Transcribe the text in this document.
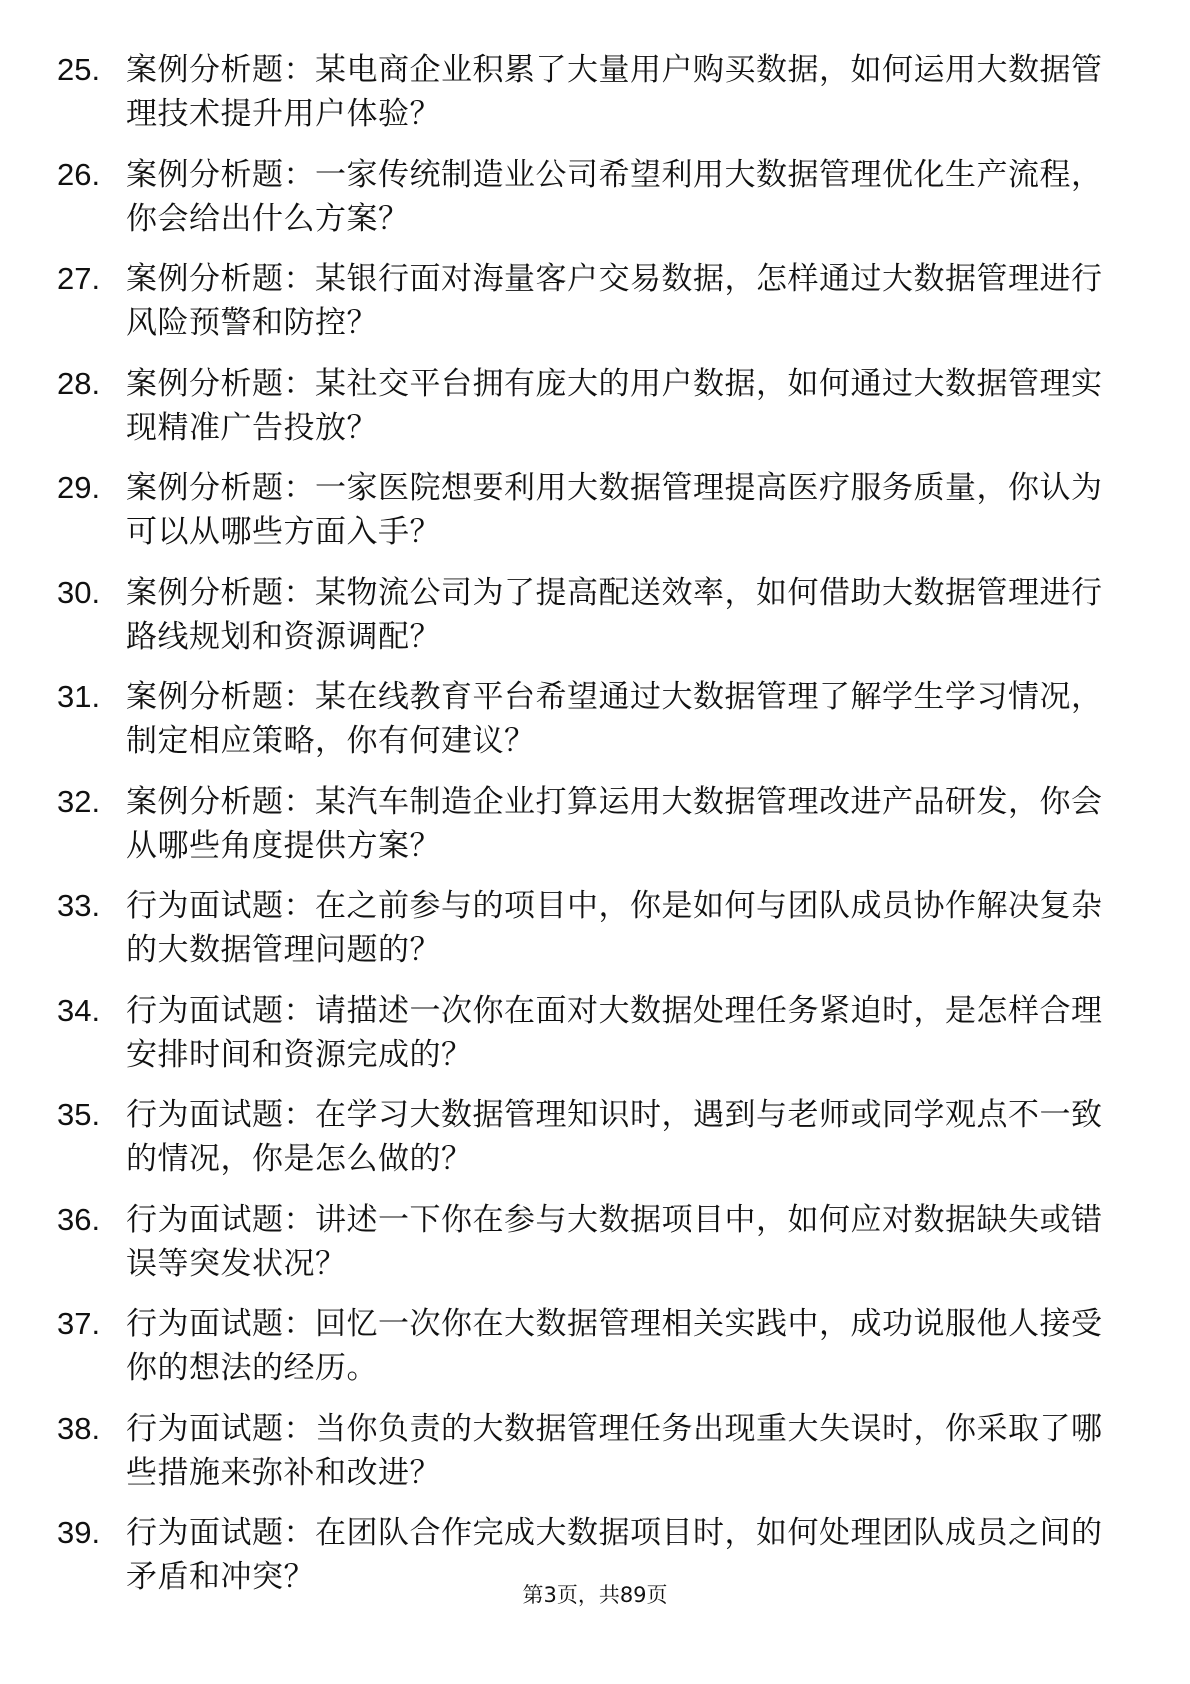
25. 案例分析题：某电商企业积累了大量用户购买数据，如何运用大数据管理技术提升用户体验？
26. 案例分析题：一家传统制造业公司希望利用大数据管理优化生产流程，你会给出什么方案？
27. 案例分析题：某银行面对海量客户交易数据，怎样通过大数据管理进行风险预警和防控？
28. 案例分析题：某社交平台拥有庞大的用户数据，如何通过大数据管理实现精准广告投放？
29. 案例分析题：一家医院想要利用大数据管理提高医疗服务质量，你认为可以从哪些方面入手？
30. 案例分析题：某物流公司为了提高配送效率，如何借助大数据管理进行路线规划和资源调配？
31. 案例分析题：某在线教育平台希望通过大数据管理了解学生学习情况，制定相应策略，你有何建议？
32. 案例分析题：某汽车制造企业打算运用大数据管理改进产品研发，你会从哪些角度提供方案？
33. 行为面试题：在之前参与的项目中，你是如何与团队成员协作解决复杂的大数据管理问题的？
34. 行为面试题：请描述一次你在面对大数据处理任务紧迫时，是怎样合理安排时间和资源完成的？
35. 行为面试题：在学习大数据管理知识时，遇到与老师或同学观点不一致的情况，你是怎么做的？
36. 行为面试题：讲述一下你在参与大数据项目中，如何应对数据缺失或错误等突发状况？
37. 行为面试题：回忆一次你在大数据管理相关实践中，成功说服他人接受你的想法的经历。
38. 行为面试题：当你负责的大数据管理任务出现重大失误时，你采取了哪些措施来弥补和改进？
39. 行为面试题：在团队合作完成大数据项目时，如何处理团队成员之间的矛盾和冲突？	第3页，共89页
